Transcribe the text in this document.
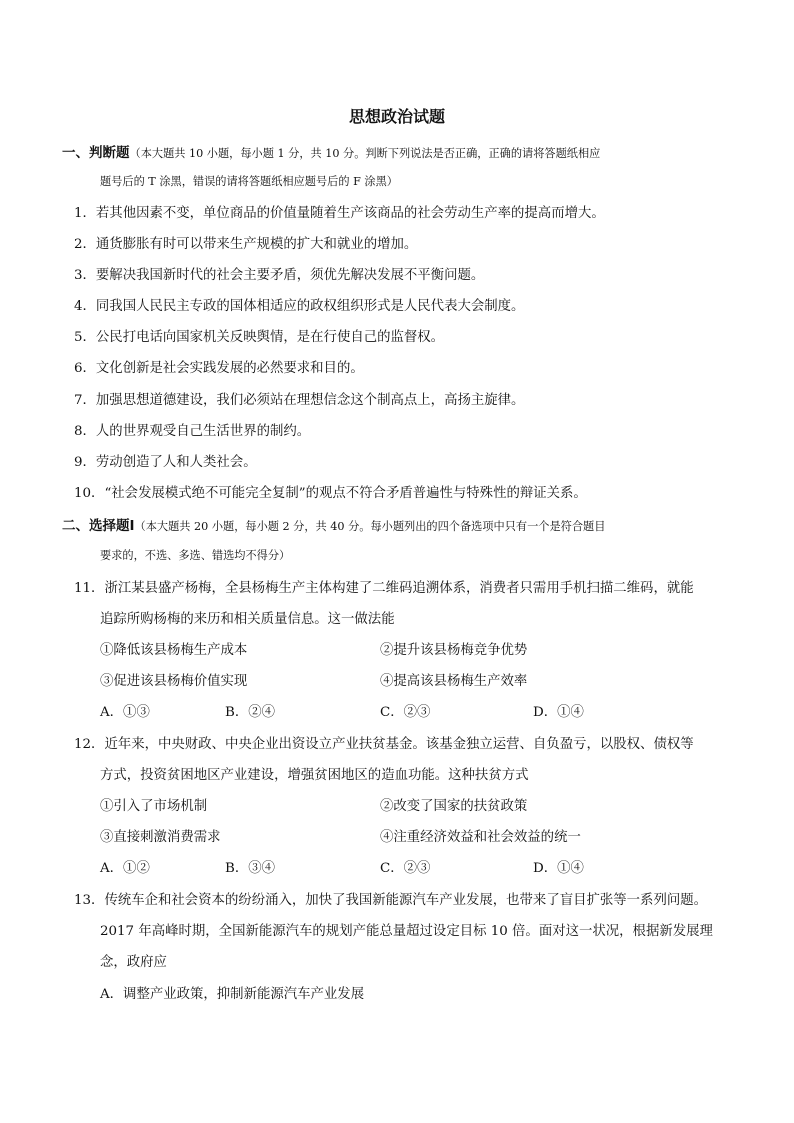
思想政治试题
一、判断题（本大题共 10 小题，每小题 1 分，共 10 分。判断下列说法是否正确，正确的请将答题纸相应
题号后的 T 涂黑，错误的请将答题纸相应题号后的 F 涂黑）
1．若其他因素不变，单位商品的价值量随着生产该商品的社会劳动生产率的提高而增大。
2．通货膨胀有时可以带来生产规模的扩大和就业的增加。
3．要解决我国新时代的社会主要矛盾，须优先解决发展不平衡问题。
4．同我国人民民主专政的国体相适应的政权组织形式是人民代表大会制度。
5．公民打电话向国家机关反映舆情，是在行使自己的监督权。
6．文化创新是社会实践发展的必然要求和目的。
7．加强思想道德建设，我们必须站在理想信念这个制高点上，高扬主旋律。
8．人的世界观受自己生活世界的制约。
9．劳动创造了人和人类社会。
10．“社会发展模式绝不可能完全复制”的观点不符合矛盾普遍性与特殊性的辩证关系。
二、选择题Ⅰ（本大题共 20 小题，每小题 2 分，共 40 分。每小题列出的四个备选项中只有一个是符合题目
要求的，不选、多选、错选均不得分）
11．浙江某县盛产杨梅，全县杨梅生产主体构建了二维码追溯体系，消费者只需用手机扫描二维码，就能
追踪所购杨梅的来历和相关质量信息。这一做法能
①降低该县杨梅生产成本	②提升该县杨梅竞争优势
③促进该县杨梅价值实现	④提高该县杨梅生产效率
A．①③	B．②④	C．②③	D．①④
12．近年来，中央财政、中央企业出资设立产业扶贫基金。该基金独立运营、自负盈亏，以股权、债权等
方式，投资贫困地区产业建设，增强贫困地区的造血功能。这种扶贫方式
①引入了市场机制	②改变了国家的扶贫政策
③直接刺激消费需求	④注重经济效益和社会效益的统一
A．①②	B．③④	C．②③	D．①④
13．传统车企和社会资本的纷纷涌入，加快了我国新能源汽车产业发展，也带来了盲目扩张等一系列问题。
2017 年高峰时期，全国新能源汽车的规划产能总量超过设定目标 10 倍。面对这一状况，根据新发展理
念，政府应
A．调整产业政策，抑制新能源汽车产业发展
